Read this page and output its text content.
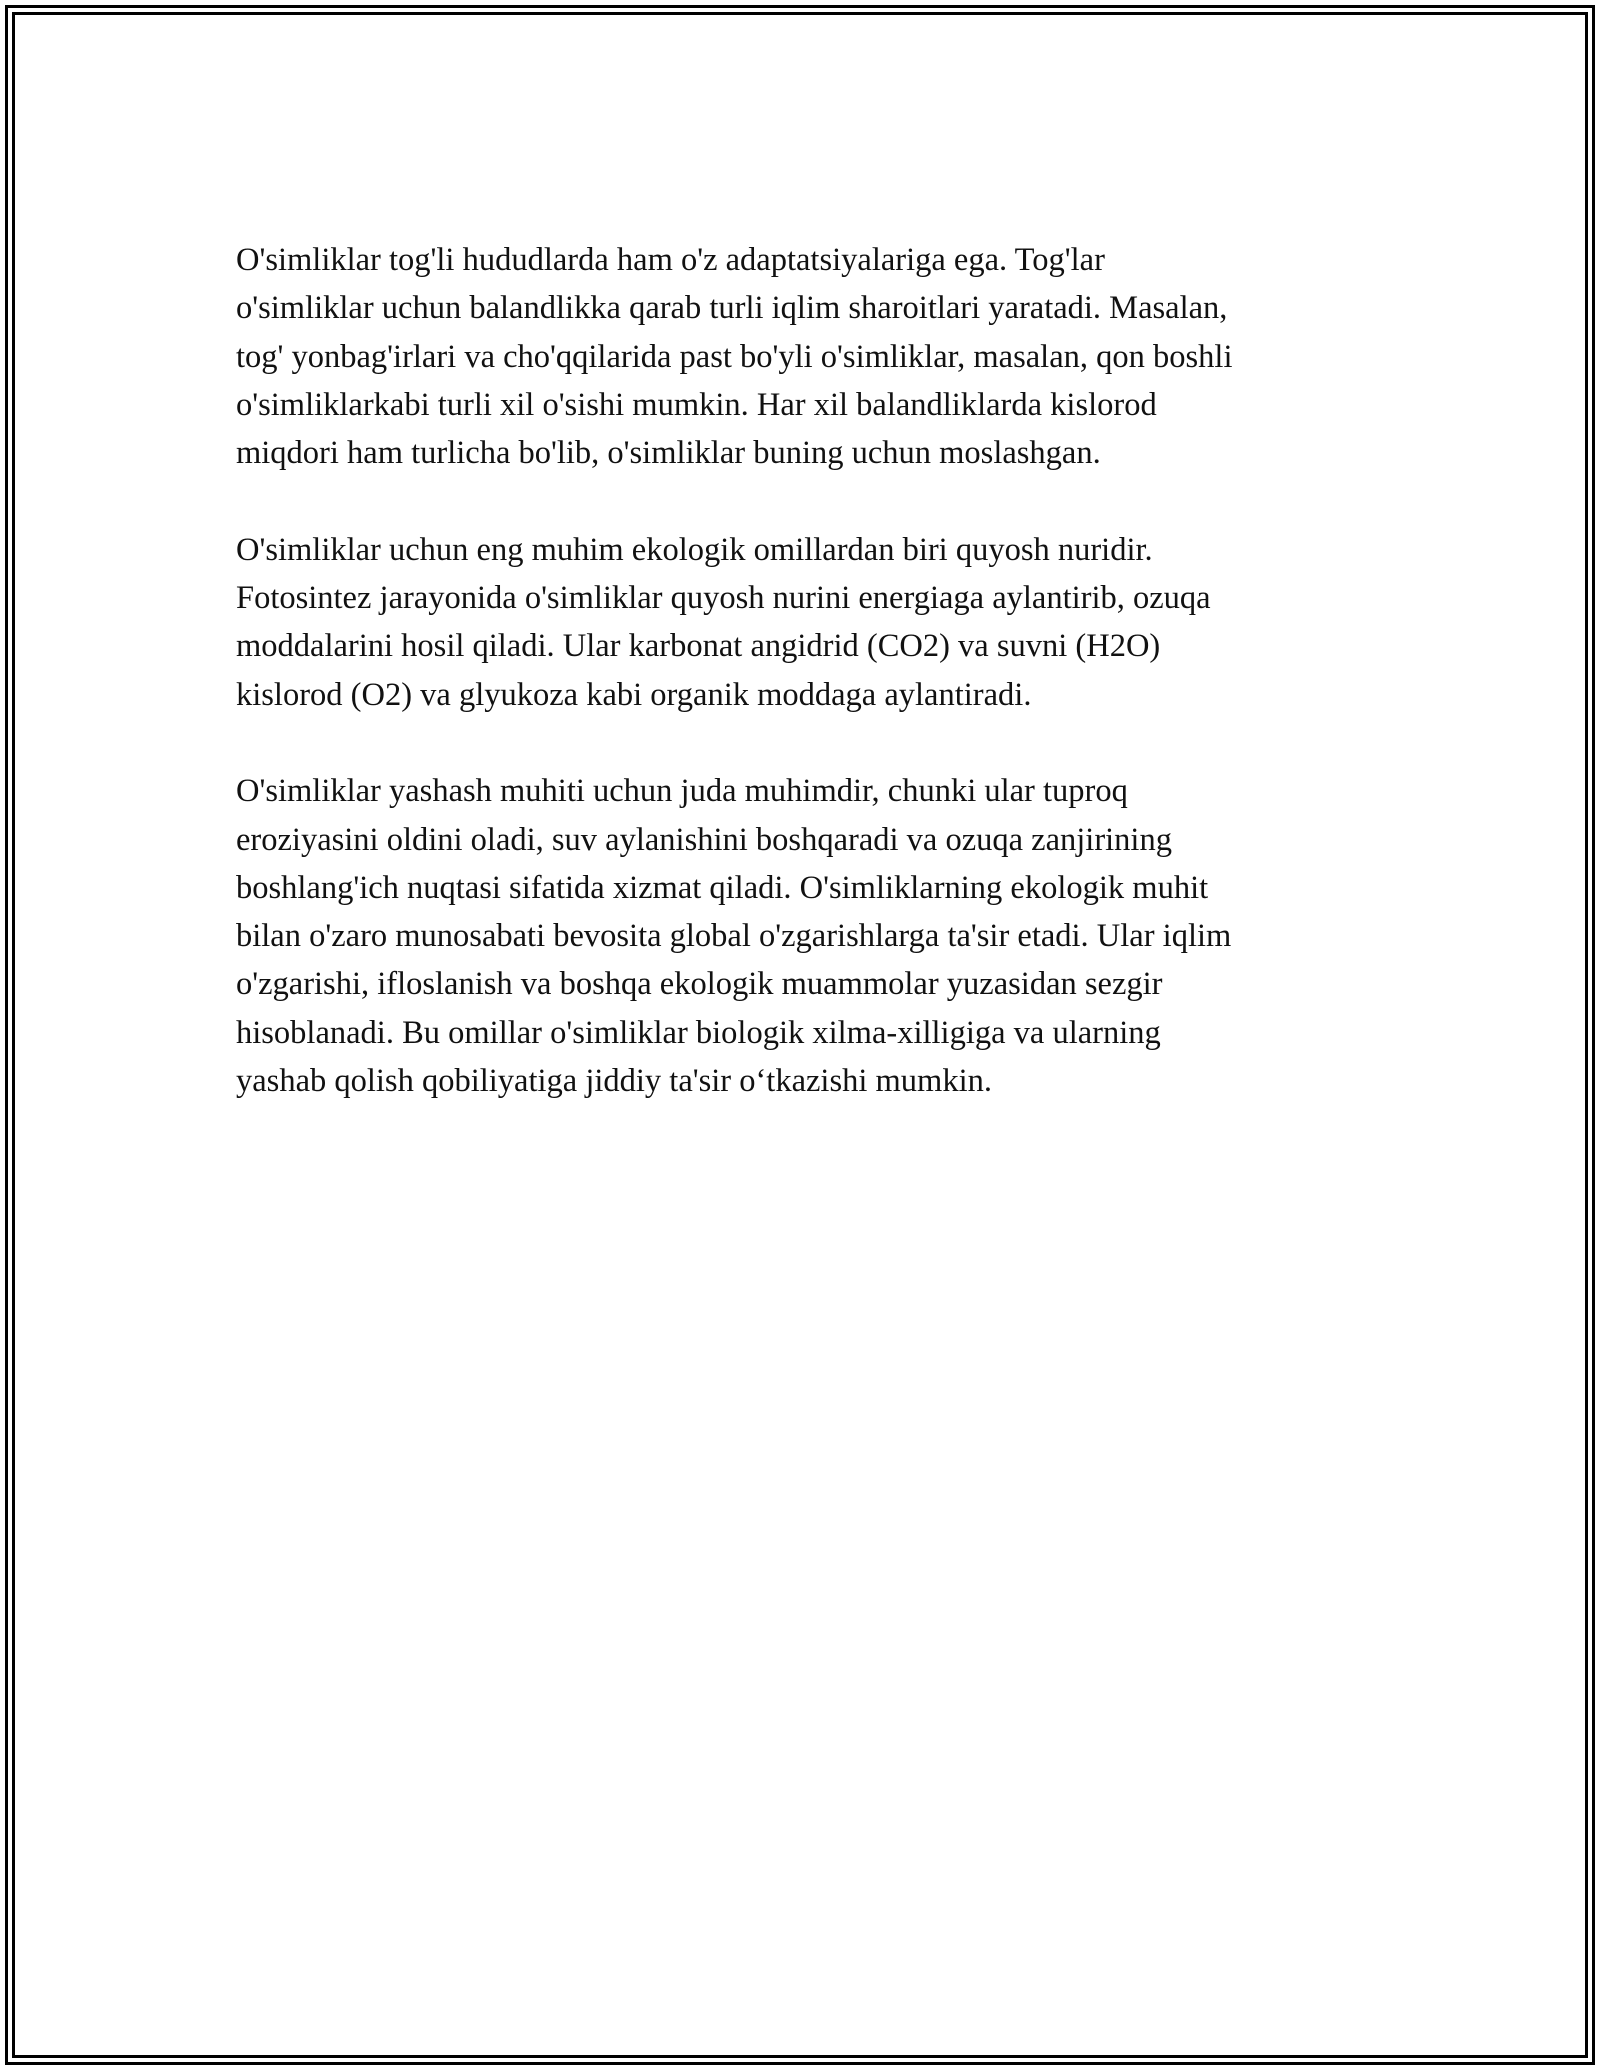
O'simliklar tog'li hududlarda ham o'z adaptatsiyalariga ega. Tog'lar
o'simliklar uchun balandlikka qarab turli iqlim sharoitlari yaratadi. Masalan,
tog' yonbag'irlari va cho'qqilarida past bo'yli o'simliklar, masalan, qon boshli
o'simliklarkabi turli xil o'sishi mumkin. Har xil balandliklarda kislorod
miqdori ham turlicha bo'lib, o'simliklar buning uchun moslashgan.

O'simliklar uchun eng muhim ekologik omillardan biri quyosh nuridir.
Fotosintez jarayonida o'simliklar quyosh nurini energiaga aylantirib, ozuqa
moddalarini hosil qiladi. Ular karbonat angidrid (CO2) va suvni (H2O)
kislorod (O2) va glyukoza kabi organik moddaga aylantiradi.

O'simliklar yashash muhiti uchun juda muhimdir, chunki ular tuproq
eroziyasini oldini oladi, suv aylanishini boshqaradi va ozuqa zanjirining
boshlang'ich nuqtasi sifatida xizmat qiladi. O'simliklarning ekologik muhit
bilan o'zaro munosabati bevosita global o'zgarishlarga ta'sir etadi. Ular iqlim
o'zgarishi, ifloslanish va boshqa ekologik muammolar yuzasidan sezgir
hisoblanadi. Bu omillar o'simliklar biologik xilma-xilligiga va ularning
yashab qolish qobiliyatiga jiddiy ta'sir o‘tkazishi mumkin.
